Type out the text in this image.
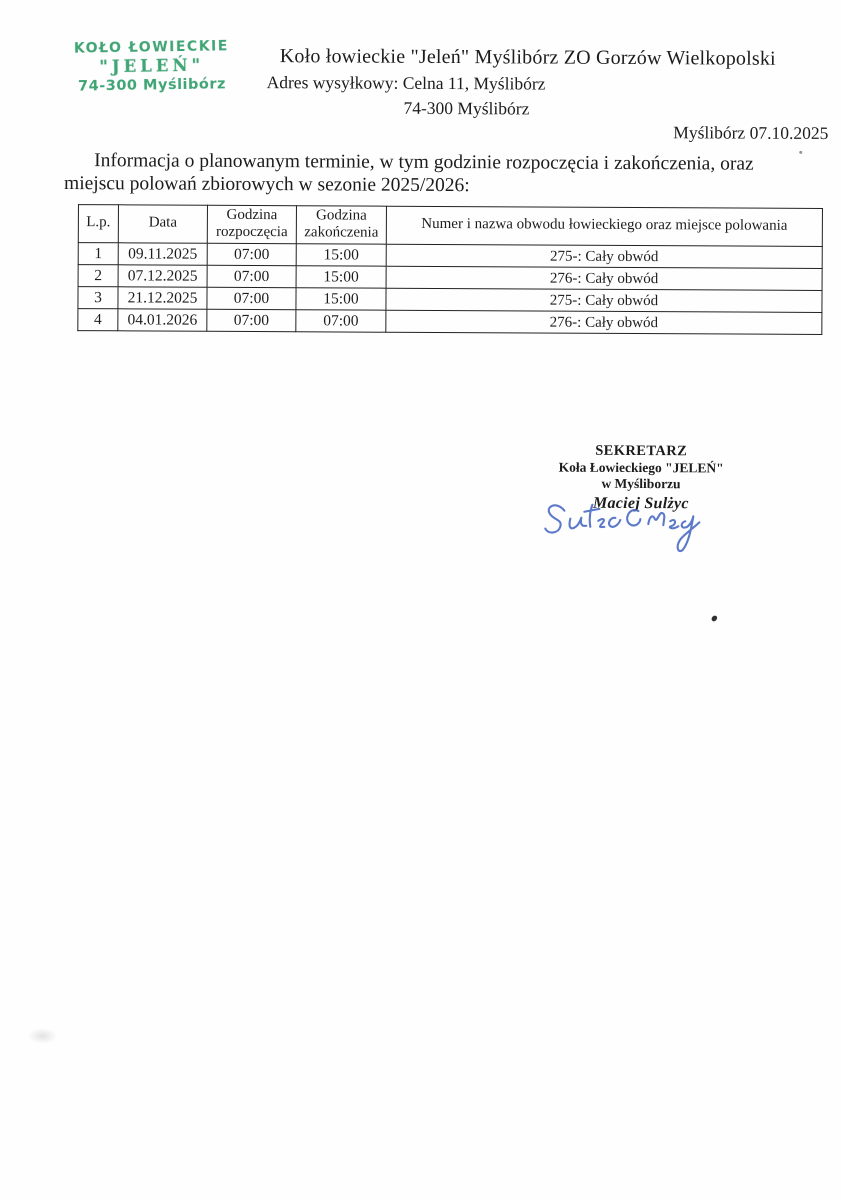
KOŁO ŁOWIECKIE
"JELEŃ"
74-300 Myślibórz
Koło łowieckie "Jeleń" Myślibórz ZO Gorzów Wielkopolski
Adres wysyłkowy: Celna 11, Myślibórz
74-300 Myślibórz
Myślibórz 07.10.2025
Informacja o planowanym terminie, w tym godzinie rozpoczęcia i zakończenia, oraz miejscu polowań zbiorowych w sezonie 2025/2026:
L.p.	Data	Godzina rozpoczęcia	Godzina zakończenia	Numer i nazwa obwodu łowieckiego oraz miejsce polowania
1	09.11.2025	07:00	15:00	275-: Cały obwód
2	07.12.2025	07:00	15:00	276-: Cały obwód
3	21.12.2025	07:00	15:00	275-: Cały obwód
4	04.01.2026	07:00	07:00	276-: Cały obwód
SEKRETARZ
Koła Łowieckiego "JELEŃ"
w Myśliborzu
Maciej Sulżyc
